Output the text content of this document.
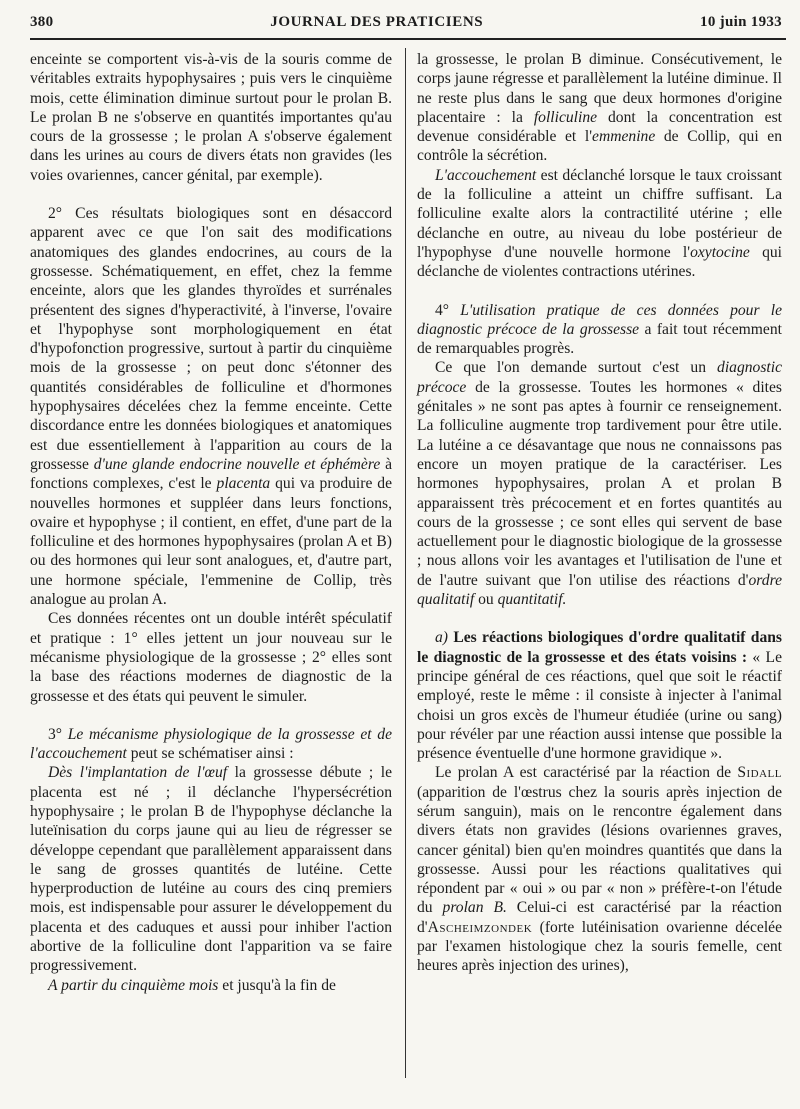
380	JOURNAL DES PRATICIENS	10 juin 1933

enceinte se comportent vis-à-vis de la souris comme de véritables extraits hypophysaires ; puis vers le cinquième mois, cette élimination diminue surtout pour le prolan B. Le prolan B ne s'observe en quantités importantes qu'au cours de la grossesse ; le prolan A s'observe également dans les urines au cours de divers états non gravides (les voies ovariennes, cancer génital, par exemple).

2° Ces résultats biologiques sont en désaccord apparent avec ce que l'on sait des modifications anatomiques des glandes endocrines, au cours de la grossesse. Schématiquement, en effet, chez la femme enceinte, alors que les glandes thyroïdes et surrénales présentent des signes d'hyperactivité, à l'inverse, l'ovaire et l'hypophyse sont morphologiquement en état d'hypofonction progressive, surtout à partir du cinquième mois de la grossesse ; on peut donc s'étonner des quantités considérables de folliculine et d'hormones hypophysaires décelées chez la femme enceinte. Cette discordance entre les données biologiques et anatomiques est due essentiellement à l'apparition au cours de la grossesse d'une glande endocrine nouvelle et éphémère à fonctions complexes, c'est le placenta qui va produire de nouvelles hormones et suppléer dans leurs fonctions, ovaire et hypophyse ; il contient, en effet, d'une part de la folliculine et des hormones hypophysaires (prolan A et B) ou des hormones qui leur sont analogues, et, d'autre part, une hormone spéciale, l'emmenine de Collip, très analogue au prolan A.

Ces données récentes ont un double intérêt spéculatif et pratique : 1° elles jettent un jour nouveau sur le mécanisme physiologique de la grossesse ; 2° elles sont la base des réactions modernes de diagnostic de la grossesse et des états qui peuvent le simuler.

3° Le mécanisme physiologique de la grossesse et de l'accouchement peut se schématiser ainsi :

Dès l'implantation de l'œuf la grossesse débute ; le placenta est né ; il déclanche l'hypersécrétion hypophysaire ; le prolan B de l'hypophyse déclanche la luteïnisation du corps jaune qui au lieu de régresser se développe cependant que parallèlement apparaissent dans le sang de grosses quantités de lutéine. Cette hyperproduction de lutéine au cours des cinq premiers mois, est indispensable pour assurer le développement du placenta et des caduques et aussi pour inhiber l'action abortive de la folliculine dont l'apparition va se faire progressivement.

A partir du cinquième mois et jusqu'à la fin de

la grossesse, le prolan B diminue. Consécutivement, le corps jaune régresse et parallèlement la lutéine diminue. Il ne reste plus dans le sang que deux hormones d'origine placentaire : la folliculine dont la concentration est devenue considérable et l'emmenine de Collip, qui en contrôle la sécrétion.

L'accouchement est déclanché lorsque le taux croissant de la folliculine a atteint un chiffre suffisant. La folliculine exalte alors la contractilité utérine ; elle déclanche en outre, au niveau du lobe postérieur de l'hypophyse d'une nouvelle hormone l'oxytocine qui déclanche de violentes contractions utérines.

4° L'utilisation pratique de ces données pour le diagnostic précoce de la grossesse a fait tout récemment de remarquables progrès.

Ce que l'on demande surtout c'est un diagnostic précoce de la grossesse. Toutes les hormones « dites génitales » ne sont pas aptes à fournir ce renseignement. La folliculine augmente trop tardivement pour être utile. La lutéine a ce désavantage que nous ne connaissons pas encore un moyen pratique de la caractériser. Les hormones hypophysaires, prolan A et prolan B apparaissent très précocement et en fortes quantités au cours de la grossesse ; ce sont elles qui servent de base actuellement pour le diagnostic biologique de la grossesse ; nous allons voir les avantages et l'utilisation de l'une et de l'autre suivant que l'on utilise des réactions d'ordre qualitatif ou quantitatif.

a) Les réactions biologiques d'ordre qualitatif dans le diagnostic de la grossesse et des états voisins : « Le principe général de ces réactions, quel que soit le réactif employé, reste le même : il consiste à injecter à l'animal choisi un gros excès de l'humeur étudiée (urine ou sang) pour révéler par une réaction aussi intense que possible la présence éventuelle d'une hormone gravidique ».

Le prolan A est caractérisé par la réaction de Sidall (apparition de l'œstrus chez la souris après injection de sérum sanguin), mais on le rencontre également dans divers états non gravides (lésions ovariennes graves, cancer génital) bien qu'en moindres quantités que dans la grossesse. Aussi pour les réactions qualitatives qui répondent par « oui » ou par « non » préfère-t-on l'étude du prolan B. Celui-ci est caractérisé par la réaction d'Ascheimzondek (forte lutéinisation ovarienne décelée par l'examen histologique chez la souris femelle, cent heures après injection des urines),
